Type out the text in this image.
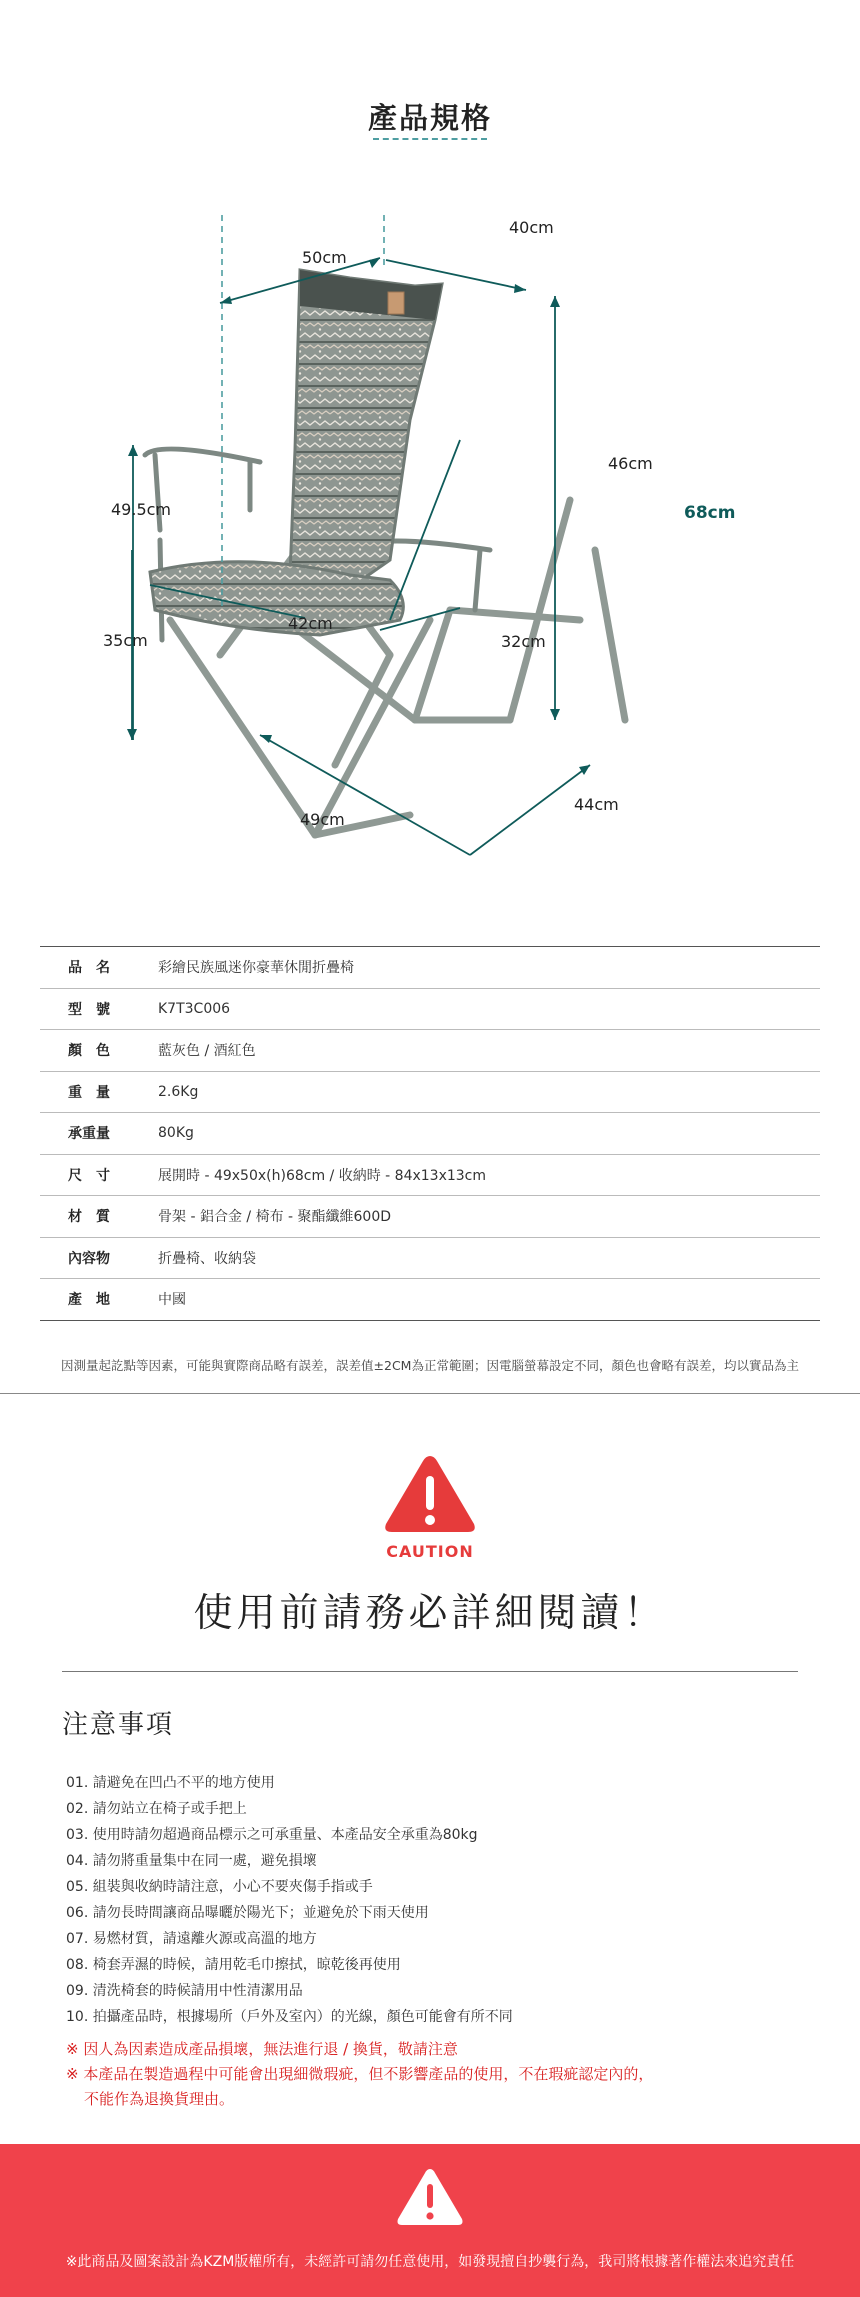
產品規格
40cm
50cm
46cm
68cm
49.5cm
35cm
42cm
32cm
49cm
44cm
品　名	彩繪民族風迷你豪華休閒折疊椅
型　號	K7T3C006
顏　色	藍灰色 / 酒紅色
重　量	2.6Kg
承重量	80Kg
尺　寸	展開時 - 49x50x(h)68cm / 收納時 - 84x13x13cm
材　質	骨架 - 鋁合金 / 椅布 - 聚酯纖維600D
內容物	折疊椅、收納袋
產　地	中國
因測量起訖點等因素，可能與實際商品略有誤差，誤差值±2CM為正常範圍；因電腦螢幕設定不同，顏色也會略有誤差，均以實品為主
CAUTION
使用前請務必詳細閱讀！
注意事項
01. 請避免在凹凸不平的地方使用
02. 請勿站立在椅子或手把上
03. 使用時請勿超過商品標示之可承重量、本產品安全承重為80kg
04. 請勿將重量集中在同一處，避免損壞
05. 組裝與收納時請注意，小心不要夾傷手指或手
06. 請勿長時間讓商品曝曬於陽光下；並避免於下雨天使用
07. 易燃材質，請遠離火源或高溫的地方
08. 椅套弄濕的時候，請用乾毛巾擦拭，晾乾後再使用
09. 清洗椅套的時候請用中性清潔用品
10. 拍攝產品時，根據場所（戶外及室內）的光線，顏色可能會有所不同
※ 因人為因素造成產品損壞，無法進行退 / 換貨，敬請注意
※ 本產品在製造過程中可能會出現細微瑕疵，但不影響產品的使用，不在瑕疵認定內的，
不能作為退換貨理由。
※此商品及圖案設計為KZM版權所有，未經許可請勿任意使用，如發現擅自抄襲行為，我司將根據著作權法來追究責任
